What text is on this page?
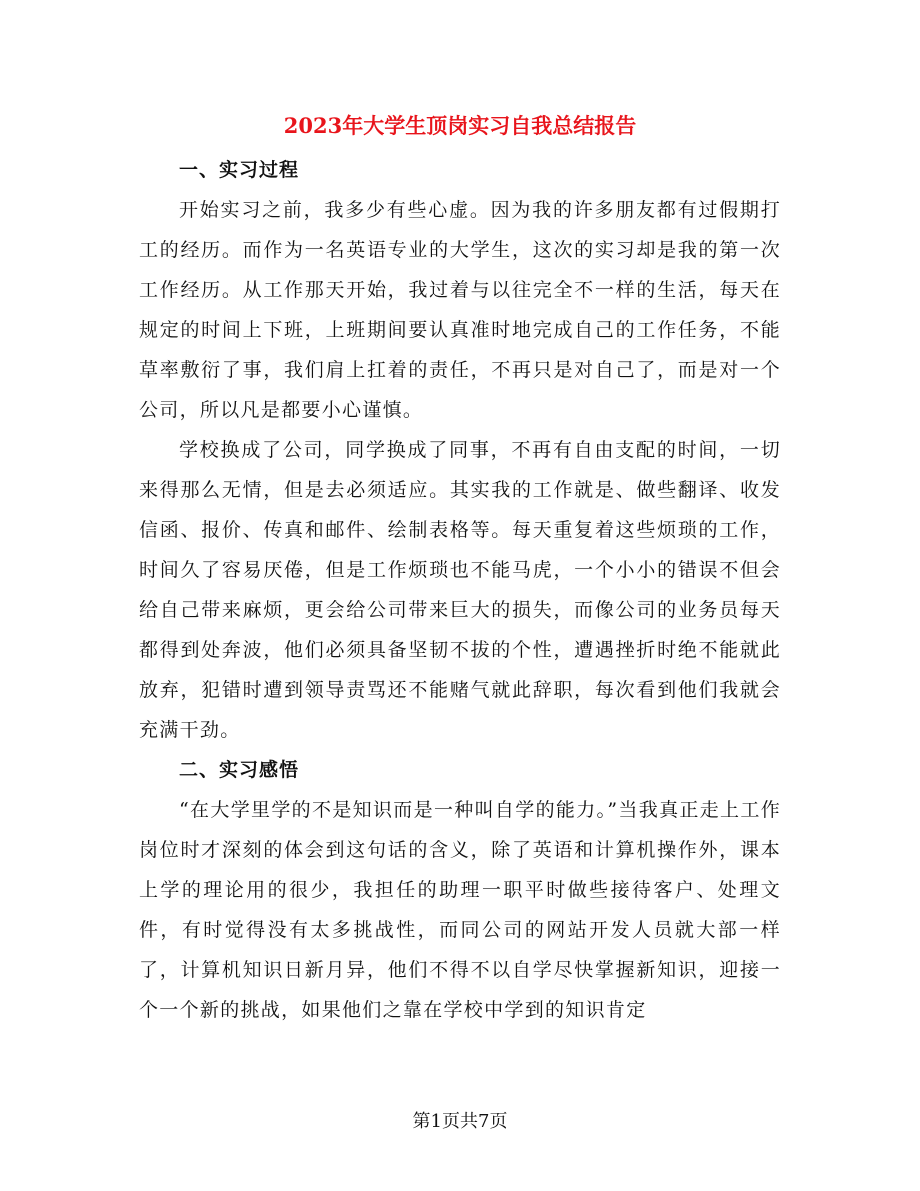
2023年大学生顶岗实习自我总结报告

一、实习过程

开始实习之前，我多少有些心虚。因为我的许多朋友都有过假期打工的经历。而作为一名英语专业的大学生，这次的实习却是我的第一次工作经历。从工作那天开始，我过着与以往完全不一样的生活，每天在规定的时间上下班，上班期间要认真准时地完成自己的工作任务，不能草率敷衍了事，我们肩上扛着的责任，不再只是对自己了，而是对一个公司，所以凡是都要小心谨慎。

学校换成了公司，同学换成了同事，不再有自由支配的时间，一切来得那么无情，但是去必须适应。其实我的工作就是、做些翻译、收发信函、报价、传真和邮件、绘制表格等。每天重复着这些烦琐的工作，时间久了容易厌倦，但是工作烦琐也不能马虎，一个小小的错误不但会给自己带来麻烦，更会给公司带来巨大的损失，而像公司的业务员每天都得到处奔波，他们必须具备坚韧不拔的个性，遭遇挫折时绝不能就此放弃，犯错时遭到领导责骂还不能赌气就此辞职，每次看到他们我就会充满干劲。

二、实习感悟

“在大学里学的不是知识而是一种叫自学的能力。”当我真正走上工作岗位时才深刻的体会到这句话的含义，除了英语和计算机操作外，课本上学的理论用的很少，我担任的助理一职平时做些接待客户、处理文件，有时觉得没有太多挑战性，而同公司的网站开发人员就大部一样了，计算机知识日新月异，他们不得不以自学尽快掌握新知识，迎接一个一个新的挑战，如果他们之靠在学校中学到的知识肯定

第1页共7页
